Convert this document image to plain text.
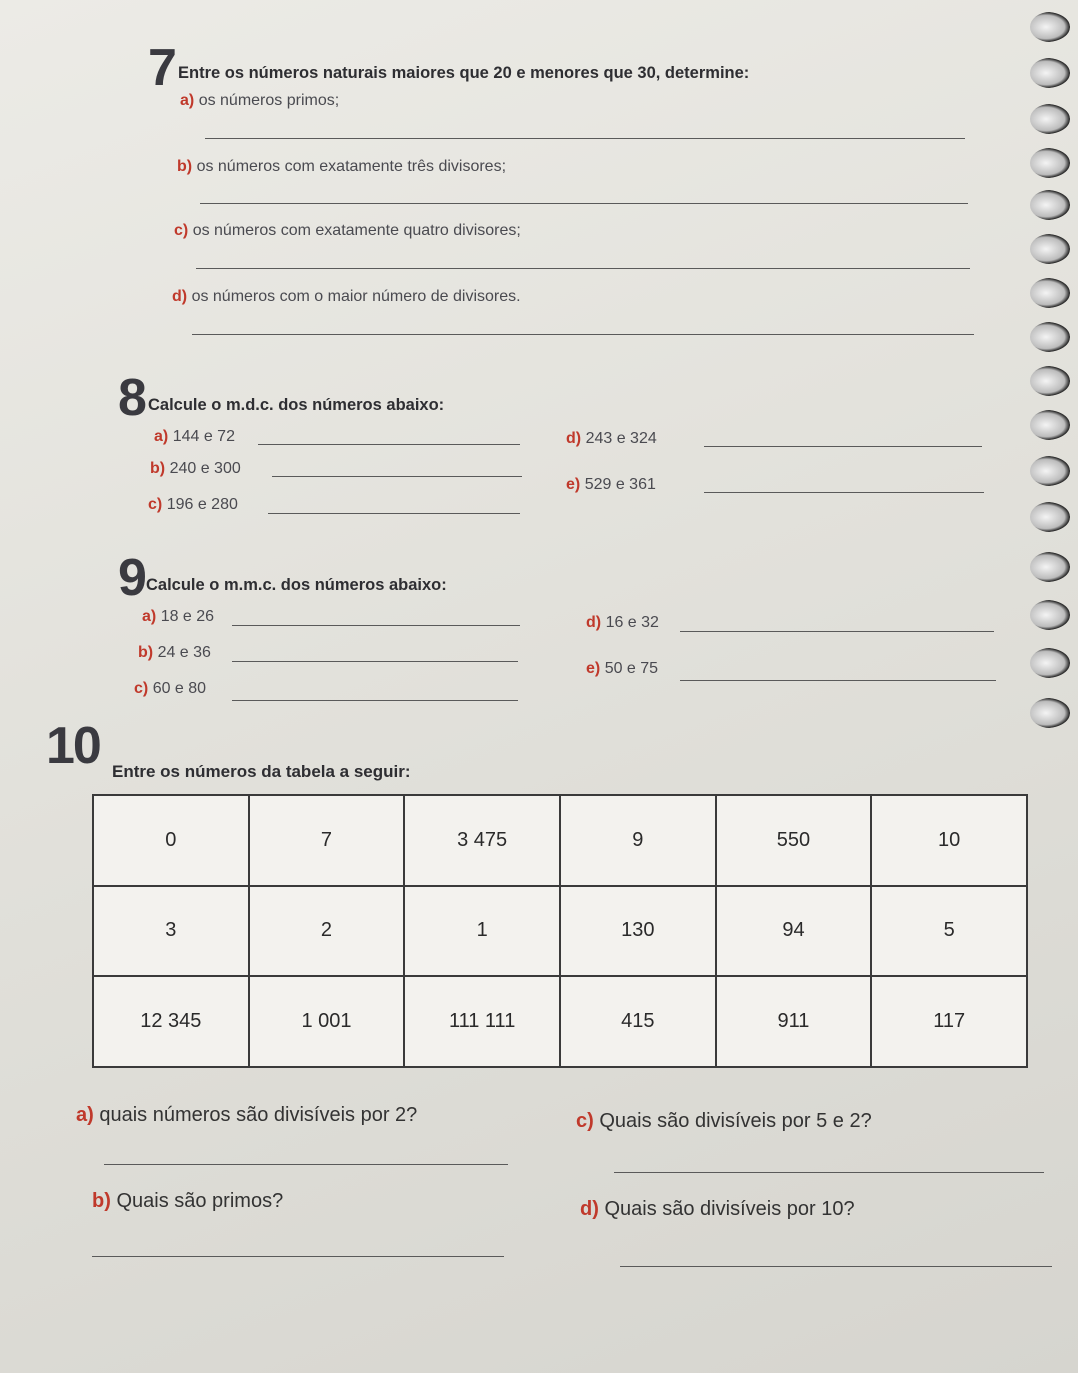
7 Entre os números naturais maiores que 20 e menores que 30, determine:
a) os números primos;
b) os números com exatamente três divisores;
c) os números com exatamente quatro divisores;
d) os números com o maior número de divisores.
8 Calcule o m.d.c. dos números abaixo:
a) 144 e 72
b) 240 e 300
c) 196 e 280
d) 243 e 324
e) 529 e 361
9 Calcule o m.m.c. dos números abaixo:
a) 18 e 26
b) 24 e 36
c) 60 e 80
d) 16 e 32
e) 50 e 75
10 Entre os números da tabela a seguir:
0	7	3 475	9	550	10
3	2	1	130	94	5
12 345	1 001	111 111	415	911	117
a) quais números são divisíveis por 2?	c) Quais são divisíveis por 5 e 2?
b) Quais são primos?	d) Quais são divisíveis por 10?
